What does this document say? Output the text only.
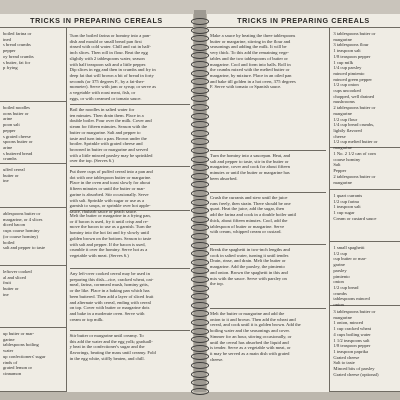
TRICKS IN PREPARING CEREALS
boiled farina or
ined
s bread crumbs
pepper
oy bread crumbs
s butter, fat for
p frying
boiled noodles
oons butter or
arine
poon salt
pepper
s grated cheese
spoons butter or
arine
s buttered bread
crumbs
uffed cereal
butter or
ine
ablespoons butter or
margarine, or 4 slices
diced bacon
cups coarse hominy
(or coarse hominy)
boiled
salt and pepper to taste
leftover cooked
al and sliced
fruit
butter or
ine
up butter or mar-
garine
tablespoons boiling
water
up confectioners' sugar
rinds of
grated lemon or
cinnamon
Turn the boiled farina or hominy into a pan-
dish and mould or small bread pan first
rinsed with cold water. Chill and cut in half-
inch slices. Then roll in flour. Beat the egg
slightly with 2 tablespoons water, season
with half teaspoon salt and a little pepper.
Dip slices in egg and then in crumbs and fry in
deep fat that will brown a bit of bread in forty
seconds (or 375 degrees F., by a fat-ther-
mometer). Serve with jam or syrup; or serve as
a vegetable with roast meat, fish, or
eggs, or with creamed or tomato sauce.
Boil the noodles in salted water for
ten minutes. Then drain them. Place in a
double boiler. Pour over the milk. Cover and
steam for fifteen minutes. Season with the
butter or margarine. Salt and pepper to
taste and turn into a pan. Brown under the
broiler. Sprinkle with grated cheese and
browned in butter or margarine and served
with a little minced parsley may be sprinkled
over the top. (Serves 6.)
Put three cups of puffed cereal into a pan and
dot with one tablespoon butter or margarine.
Place in the oven and toast slowly for about
fifteen minutes or until the butter or mar-
garine is absorbed. Stir occasionally. Serve
with salt. Sprinkle with sugar or use as a
garnish to soups, or sprinkle over hot apple-
sauce, rhubarb sauce or peach sauce.
Melt the butter or margarine in a frying pan,
or if bacon is used, fry it until crisp and re-
move the bacon to use as a garnish. Turn the
hominy into the hot fat and fry slowly until
golden brown on the bottom. Season to taste
with salt and pepper. If the bacon is used,
crumble it over the hominy. Serve hot as a
vegetable with meat. (Serves 6.)
Any left-over cooked cereal may be used in
preparing this dish—rice, cracked wheat, oat-
meal, farina, cornmeal mush, hominy grits,
or the like. Place in a baking pan which has
been buttered. Then add a layer of sliced fruit
and alternate with cereal, ending with cereal
on top. Cover with butter or margarine dots
and bake in a moderate oven. Serve with
cream or top milk.
Stir butter or margarine until creamy. To
this add the water and the egg yolk; graduall-
y beat in the confectioner's sugar and the
flavorings, beating the mass until creamy. Fold
in the egg white, stiffly beaten, and chill.
TRICKS IN PREPARING CEREALS
Make a sauce by heating the three tablespoons
butter or margarine, stirring in the flour and
seasonings and adding the milk. It will be
very thick. To this add the remaining vege-
tables and the two tablespoons of butter or
margarine. Cool and form into balls. Roll in
the crumbs mixed with the melted butter or
margarine, by mixture. Place in an oiled pan
and bake till golden in a hot oven, 375 degrees
F. Serve with tomato or Spanish sauce.
Turn the hominy into a saucepan. Heat, and
salt and pepper to taste, stir in the butter or
margarine, cover and cook for about fifteen
minutes or until the butter or margarine has
been absorbed.
Crush the currants and stew until the juice
runs freely, then strain. There should be one
quart. Heat the juice, add the sugar, then
add the farina and cook in a double boiler until
thick, about fifteen minutes. Cool, add the
tablespoon of butter or margarine. Serve
with cream, whipped cream or custard.
Break the spaghetti in two-inch lengths and
cook in salted water, turning it until tender.
Drain, rinse, and drain. Melt the butter or
margarine. Add the parsley, the pimiento
and onion. Brown the spaghetti in this and
mix with the sauce. Serve with parsley on
the top.
Melt the butter or margarine and add the
onion to it and brown. Then add the wheat and
cereal, and cook until it is golden brown. Add the
boiling water and the seasonings and cover.
Simmer for an hour, stirring occasionally, or
until the cereal has absorbed the liquid and
is tender. Serve as a vegetable with meat, or
it may be served as a main dish with grated
cheese.
3 tablespoons butter or
margarine
3 tablespoons flour
1 teaspoon salt
1/8 teaspoon pepper
1 cup milk
1/4 cup parsley
minced pimiento
minced green pepper
1/2 cup onion
cups uncooked
chopped, well drained
mushrooms
2 tablespoons butter or
margarine
1/2 cup flour
1/4 cup bread crumbs,
lightly flavored
cheese
1/2 cup melted butter or
margarine
1 No. 2 1/2 can of corn
coarse hominy
Salt
Pepper
2 tablespoons butter or
margarine
1 quart currants
1/2 cup farina
1 teaspoon salt
1 cup sugar
Cream or custard sauce
1 small spaghetti
1/2 cup
cup butter or mar-
garine
parsley
pimiento
onion
1/2 cup bread
crumbs
tablespoons minced
onion
3 tablespoons butter or
margarine
1 onion, minced
1 cup cracked wheat
4 cups boiling water
1 1/2 teaspoons salt
1/8 teaspoon pepper
1 teaspoon paprika
Grated cheese
Salt to taste
Minced bits of parsley
Grated cheese (optional)
